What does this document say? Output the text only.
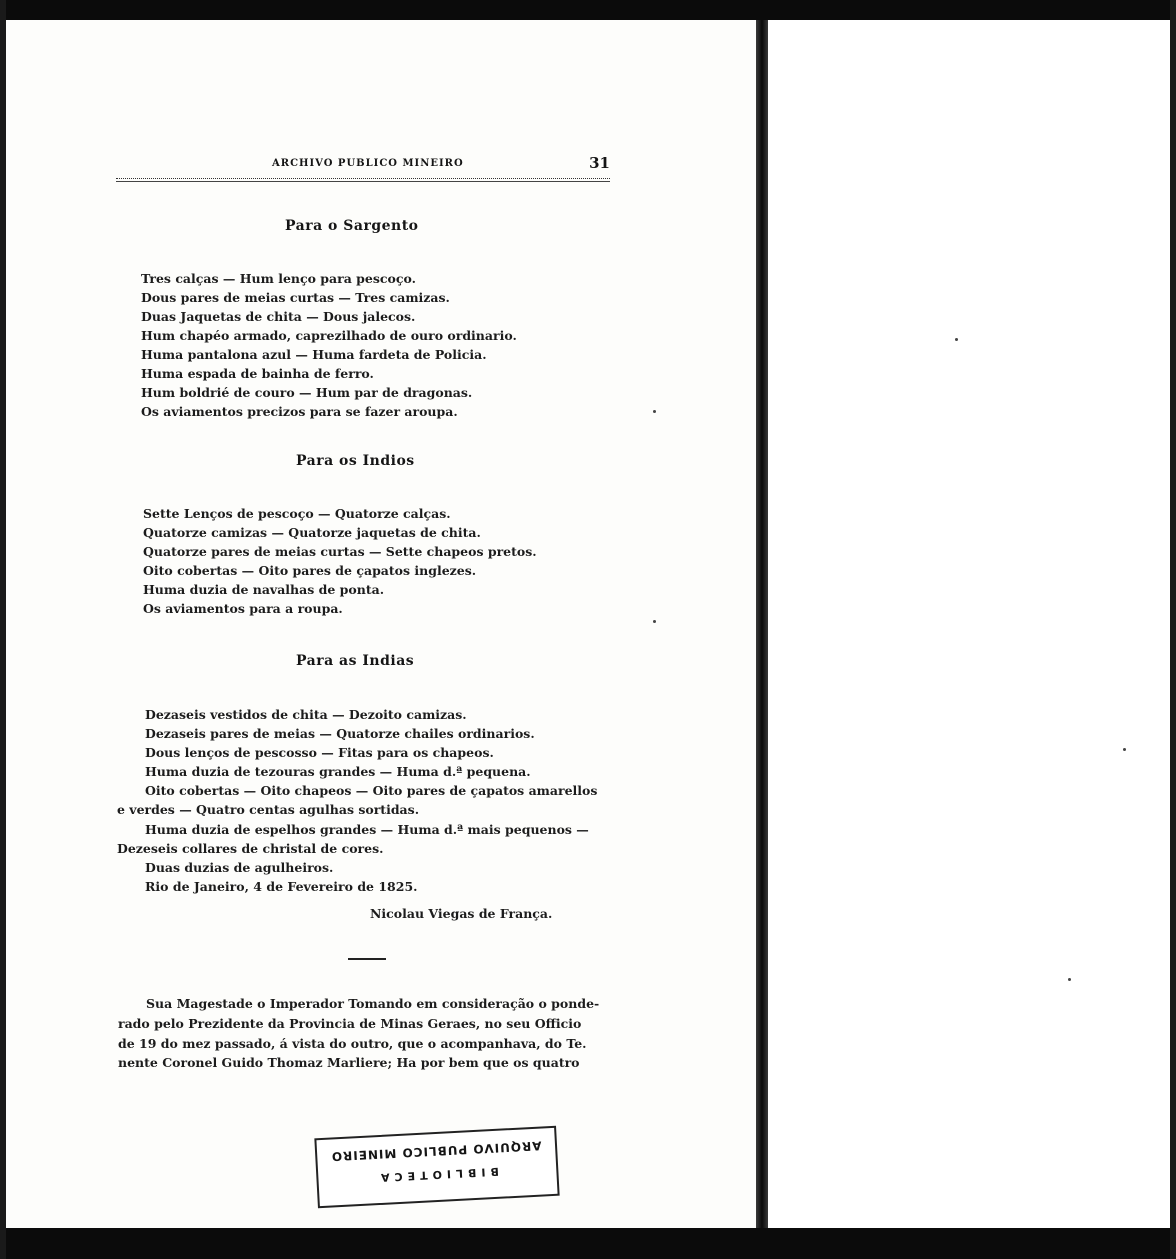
ARCHIVO PUBLICO MINEIRO	31
Para o Sargento
Tres calças — Hum lenço para pescoço.
Dous pares de meias curtas — Tres camizas.
Duas Jaquetas de chita — Dous jalecos.
Hum chapéo armado, caprezilhado de ouro ordinario.
Huma pantalona azul — Huma fardeta de Policia.
Huma espada de bainha de ferro.
Hum boldrié de couro — Hum par de dragonas.
Os aviamentos precizos para se fazer aroupa.
Para os Indios
Sette Lenços de pescoço — Quatorze calças.
Quatorze camizas — Quatorze jaquetas de chita.
Quatorze pares de meias curtas — Sette chapeos pretos.
Oito cobertas — Oito pares de çapatos inglezes.
Huma duzia de navalhas de ponta.
Os aviamentos para a roupa.
Para as Indias
Dezaseis vestidos de chita — Dezoito camizas.
Dezaseis pares de meias — Quatorze chailes ordinarios.
Dous lenços de pescosso — Fitas para os chapeos.
Huma duzia de tezouras grandes — Huma d.ª pequena.
Oito cobertas — Oito chapeos — Oito pares de çapatos amarellos
e verdes — Quatro centas agulhas sortidas.
Huma duzia de espelhos grandes — Huma d.ª mais pequenos —
Dezeseis collares de christal de cores.
Duas duzias de agulheiros.
Rio de Janeiro, 4 de Fevereiro de 1825.
Nicolau Viegas de França.
Sua Magestade o Imperador Tomando em consideração o ponde-
rado pelo Prezidente da Provincia de Minas Geraes, no seu Officio
de 19 do mez passado, á vista do outro, que o acompanhava, do Te.
nente Coronel Guido Thomaz Marliere; Ha por bem que os quatro
ARQUIVO PUBLICO MINEIRO
BIBLIOTECA
